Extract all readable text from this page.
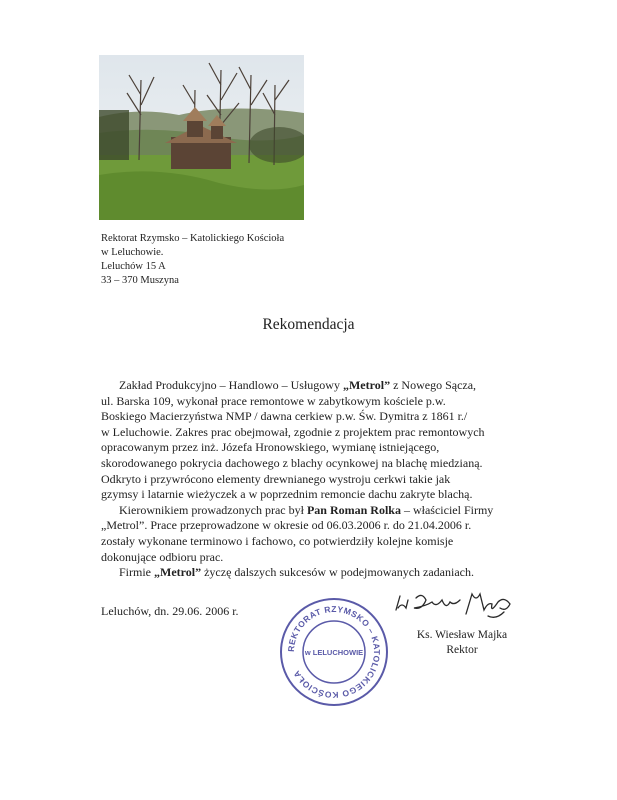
Rektorat Rzymsko – Katolickiego Kościoła
w Leluchowie.
Leluchów 15 A
33 – 370 Muszyna
Rekomendacja

Zakład Produkcyjno – Handlowo – Usługowy „Metrol” z Nowego Sącza,

ul. Barska 109, wykonał prace remontowe w zabytkowym kościele p.w.
Boskiego Macierzyństwa NMP / dawna cerkiew p.w. Św. Dymitra z 1861 r./
w Leluchowie. Zakres prac obejmował, zgodnie z projektem prac remontowych
opracowanym przez inż. Józefa Hronowskiego, wymianę istniejącego,
skorodowanego pokrycia dachowego z blachy ocynkowej na blachę miedzianą.
Odkryto i przywrócono elementy drewnianego wystroju cerkwi takie jak
gzymsy i latarnie wieżyczek a w poprzednim remoncie dachu zakryte blachą.

Kierownikiem prowadzonych prac był Pan Roman Rolka – właściciel Firmy

„Metrol”. Prace przeprowadzone w okresie od 06.03.2006 r. do 21.04.2006 r.
zostały wykonane terminowo i fachowo, co potwierdziły kolejne komisje
dokonujące odbioru prac.

Firmie „Metrol” życzę dalszych sukcesów w podejmowanych zadaniach.

Leluchów, dn. 29.06. 2006 r.
REKTORAT RZYMSKO – KATOLICKIEGO KOŚCIOŁA
w LELUCHOWIE
Ks. Wiesław Majka
Rektor
